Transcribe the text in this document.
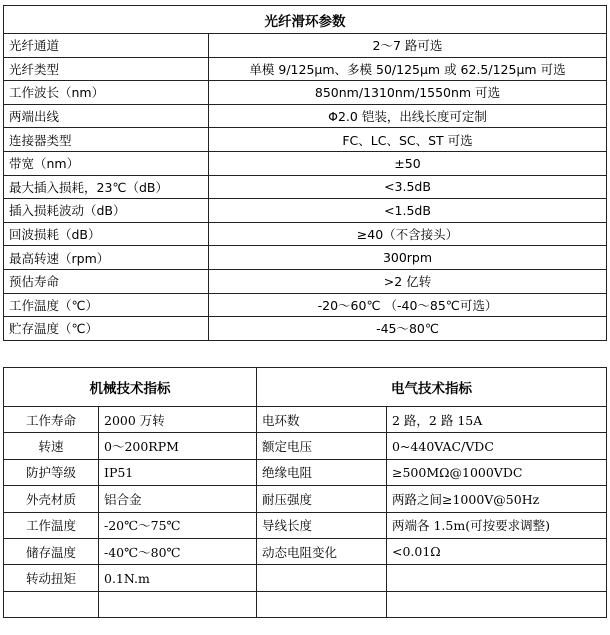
光纤滑环参数	
光纤通道	2～7 路可选
光纤类型	单模 9/125μm、多模 50/125μm 或 62.5/125μm 可选
工作波长（nm）	850nm/1310nm/1550nm 可选
两端出线	Φ2.0 铠装，出线长度可定制
连接器类型	FC、LC、SC、ST 可选
带宽（nm）	±50
最大插入损耗，23℃（dB）	<3.5dB
插入损耗波动（dB）	<1.5dB
回波损耗（dB）	≥40（不含接头）
最高转速（rpm）	300rpm
预估寿命	>2 亿转
工作温度（℃）	-20～60℃ （-40～85℃可选）
贮存温度（℃）	-45～80℃
机械技术指标		电气技术指标	
工作寿命	2000 万转	电环数	2 路，2 路 15A
转速	0～200RPM	额定电压	0~440VAC/VDC
防护等级	IP51	绝缘电阻	≥500MΩ@1000VDC
外壳材质	铝合金	耐压强度	两路之间≥1000V@50Hz
工作温度	-20℃～75℃	导线长度	两端各 1.5m(可按要求调整)
储存温度	-40℃～80℃	动态电阻变化	<0.01Ω
转动扭矩	0.1N.m		
